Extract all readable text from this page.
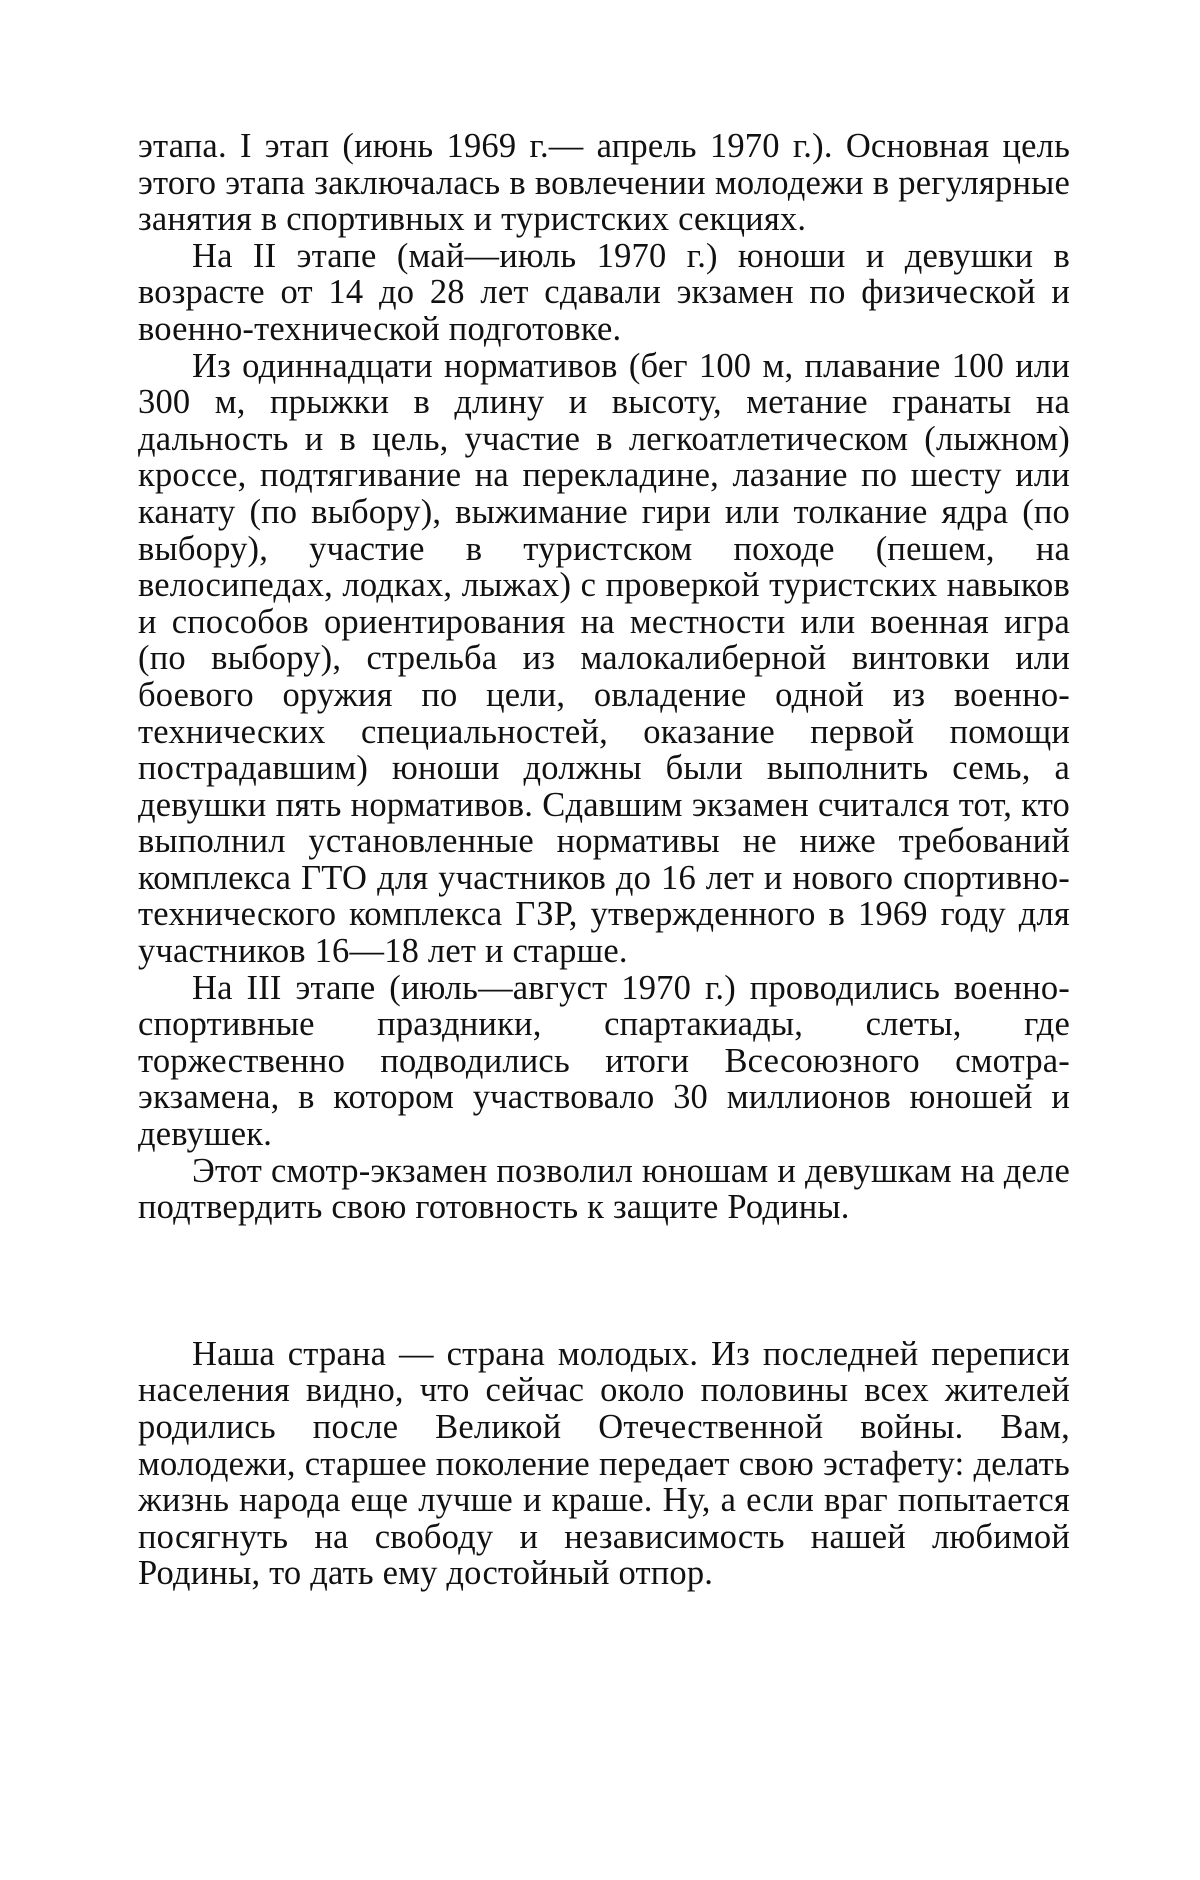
этапа. I этап (июнь 1969 г.— апрель 1970 г.). Основная цель этого этапа заключалась в вовлечении молодежи в регулярные занятия в спортивных и туристских секциях.

На II этапе (май—июль 1970 г.) юноши и девушки в возрасте от 14 до 28 лет сдавали экзамен по физической и военно-технической подготовке.

Из одиннадцати нормативов (бег 100 м, плавание 100 или 300 м, прыжки в длину и высоту, метание гранаты на дальность и в цель, участие в легкоатлетическом (лыжном) кроссе, подтягивание на перекладине, лазание по шесту или канату (по выбору), выжимание гири или толкание ядра (по выбору), участие в туристском походе (пешем, на велосипедах, лодках, лыжах) с проверкой туристских навыков и способов ориентирования на местности или военная игра (по выбору), стрельба из малокалиберной винтовки или боевого оружия по цели, овладение одной из военно-технических специальностей, оказание первой помощи пострадавшим) юноши должны были выполнить семь, а девушки пять нормативов. Сдавшим экзамен считался тот, кто выполнил установленные нормативы не ниже требований комплекса ГТО для участников до 16 лет и нового спортивно-технического комплекса ГЗР, утвержденного в 1969 году для участников 16—18 лет и старше.

На III этапе (июль—август 1970 г.) проводились военно-спортивные праздники, спартакиады, слеты, где торжественно подводились итоги Всесоюзного смотра-экзамена, в котором участвовало 30 миллионов юношей и девушек.

Этот смотр-экзамен позволил юношам и девушкам на деле подтвердить свою готовность к защите Родины.

Наша страна — страна молодых. Из последней переписи населения видно, что сейчас около половины всех жителей родились после Великой Отечественной войны. Вам, молодежи, старшее поколение передает свою эстафету: делать жизнь народа еще лучше и краше. Ну, а если враг попытается посягнуть на свободу и независимость нашей любимой Родины, то дать ему достойный отпор.
